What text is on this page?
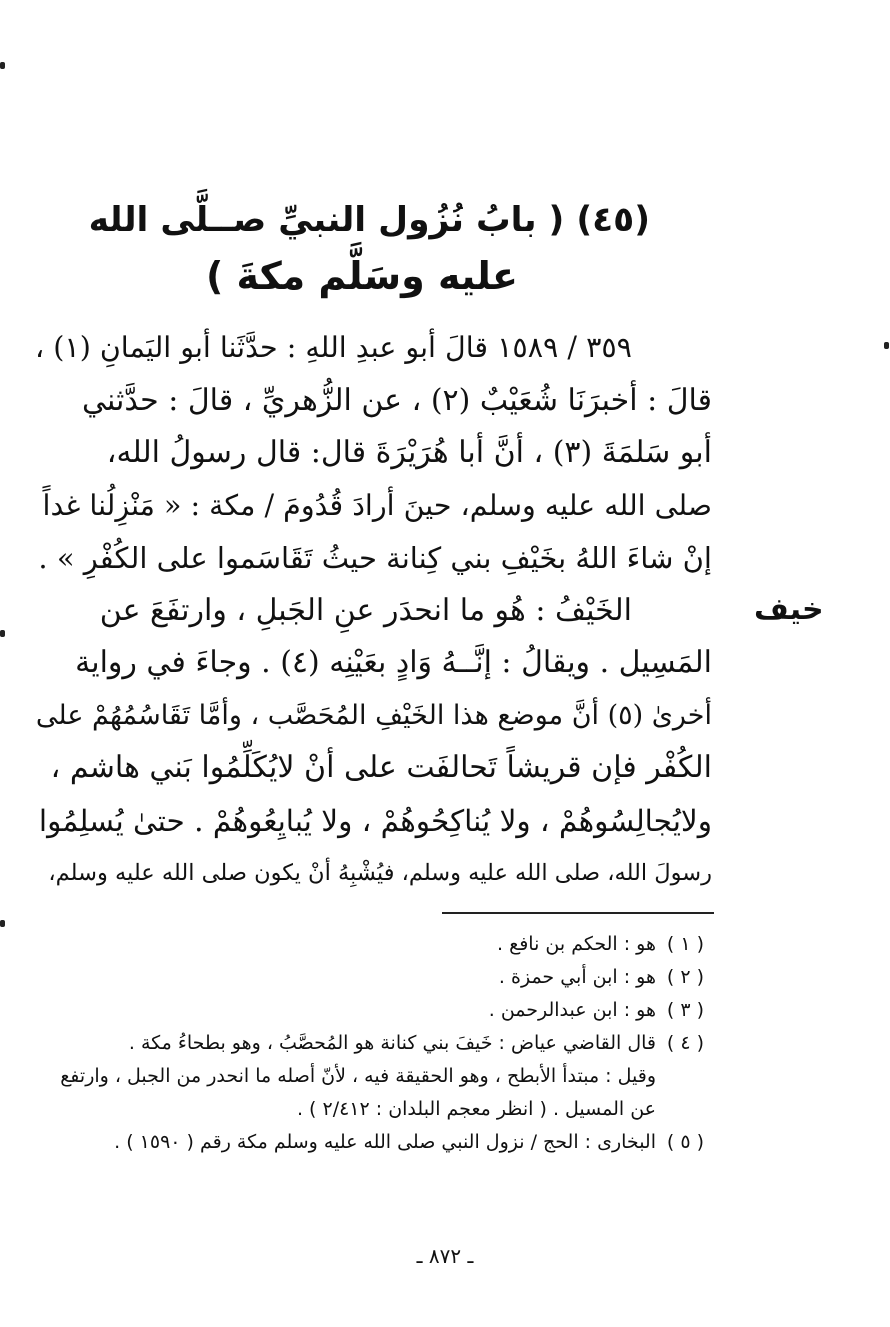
(٤٥) ( بابُ نُزُول النبيِّ صــلَّى الله
عليه وسَلَّم مكةَ )

٣٥٩ / ١٥٨٩ قالَ أبو عبدِ اللهِ : حدَّثَنا أبو اليَمانِ (١) ،

قالَ : أخبرَنَا شُعَيْبٌ (٢) ، عن الزُّهريِّ ، قالَ : حدَّثني

أبو سَلمَةَ (٣) ، أنَّ أبا هُرَيْرَةَ قال: قال رسولُ الله،

صلى الله عليه وسلم، حينَ أرادَ قُدُومَ / مكة : « مَنْزِلُنا غداً

إنْ شاءَ اللهُ بخَيْفِ بني كِنانة حيثُ تَقَاسَموا على الكُفْرِ » .

الخَيْفُ : هُو ما انحدَر عنِ الجَبلِ ، وارتفَعَ عن

المَسِيل . ويقالُ : إنَّــهُ وَادٍ بعَيْنِه (٤) . وجاءَ في رواية

أخرىٰ (٥) أنَّ موضع هذا الخَيْفِ المُحَصَّب ، وأمَّا تَقَاسُمُهُمْ على

الكُفْر فإن قريشاً تَحالفَت على أنْ لايُكَلِّمُوا بَني هاشم ،

ولايُجالِسُوهُمْ ، ولا يُناكِحُوهُمْ ، ولا يُبايِعُوهُمْ . حتىٰ يُسلِمُوا

رسولَ الله، صلى الله عليه وسلم، فيُشْبِهُ أنْ يكون صلى الله عليه وسلم،

خيف
( ١ )
هو : الحكم بن نافع .
( ٢ )
هو : ابن أبي حمزة .
( ٣ )
هو : ابن عبدالرحمن .
( ٤ )
قال القاضي عياض : خَيفَ بني كنانة هو المُحصَّبُ ، وهو بطحاءُ مكة .
وقيل : مبتدأ الأبطح ، وهو الحقيقة فيه ، لأنّ أصله ما انحدر من الجبل ، وارتفع
عن المسيل . ( انظر معجم البلدان : ٢/٤١٢ ) .
( ٥ )
البخارى : الحج / نزول النبي صلى الله عليه وسلم مكة رقم ( ١٥٩٠ ) .
ـ ٨٧٢ ـ
